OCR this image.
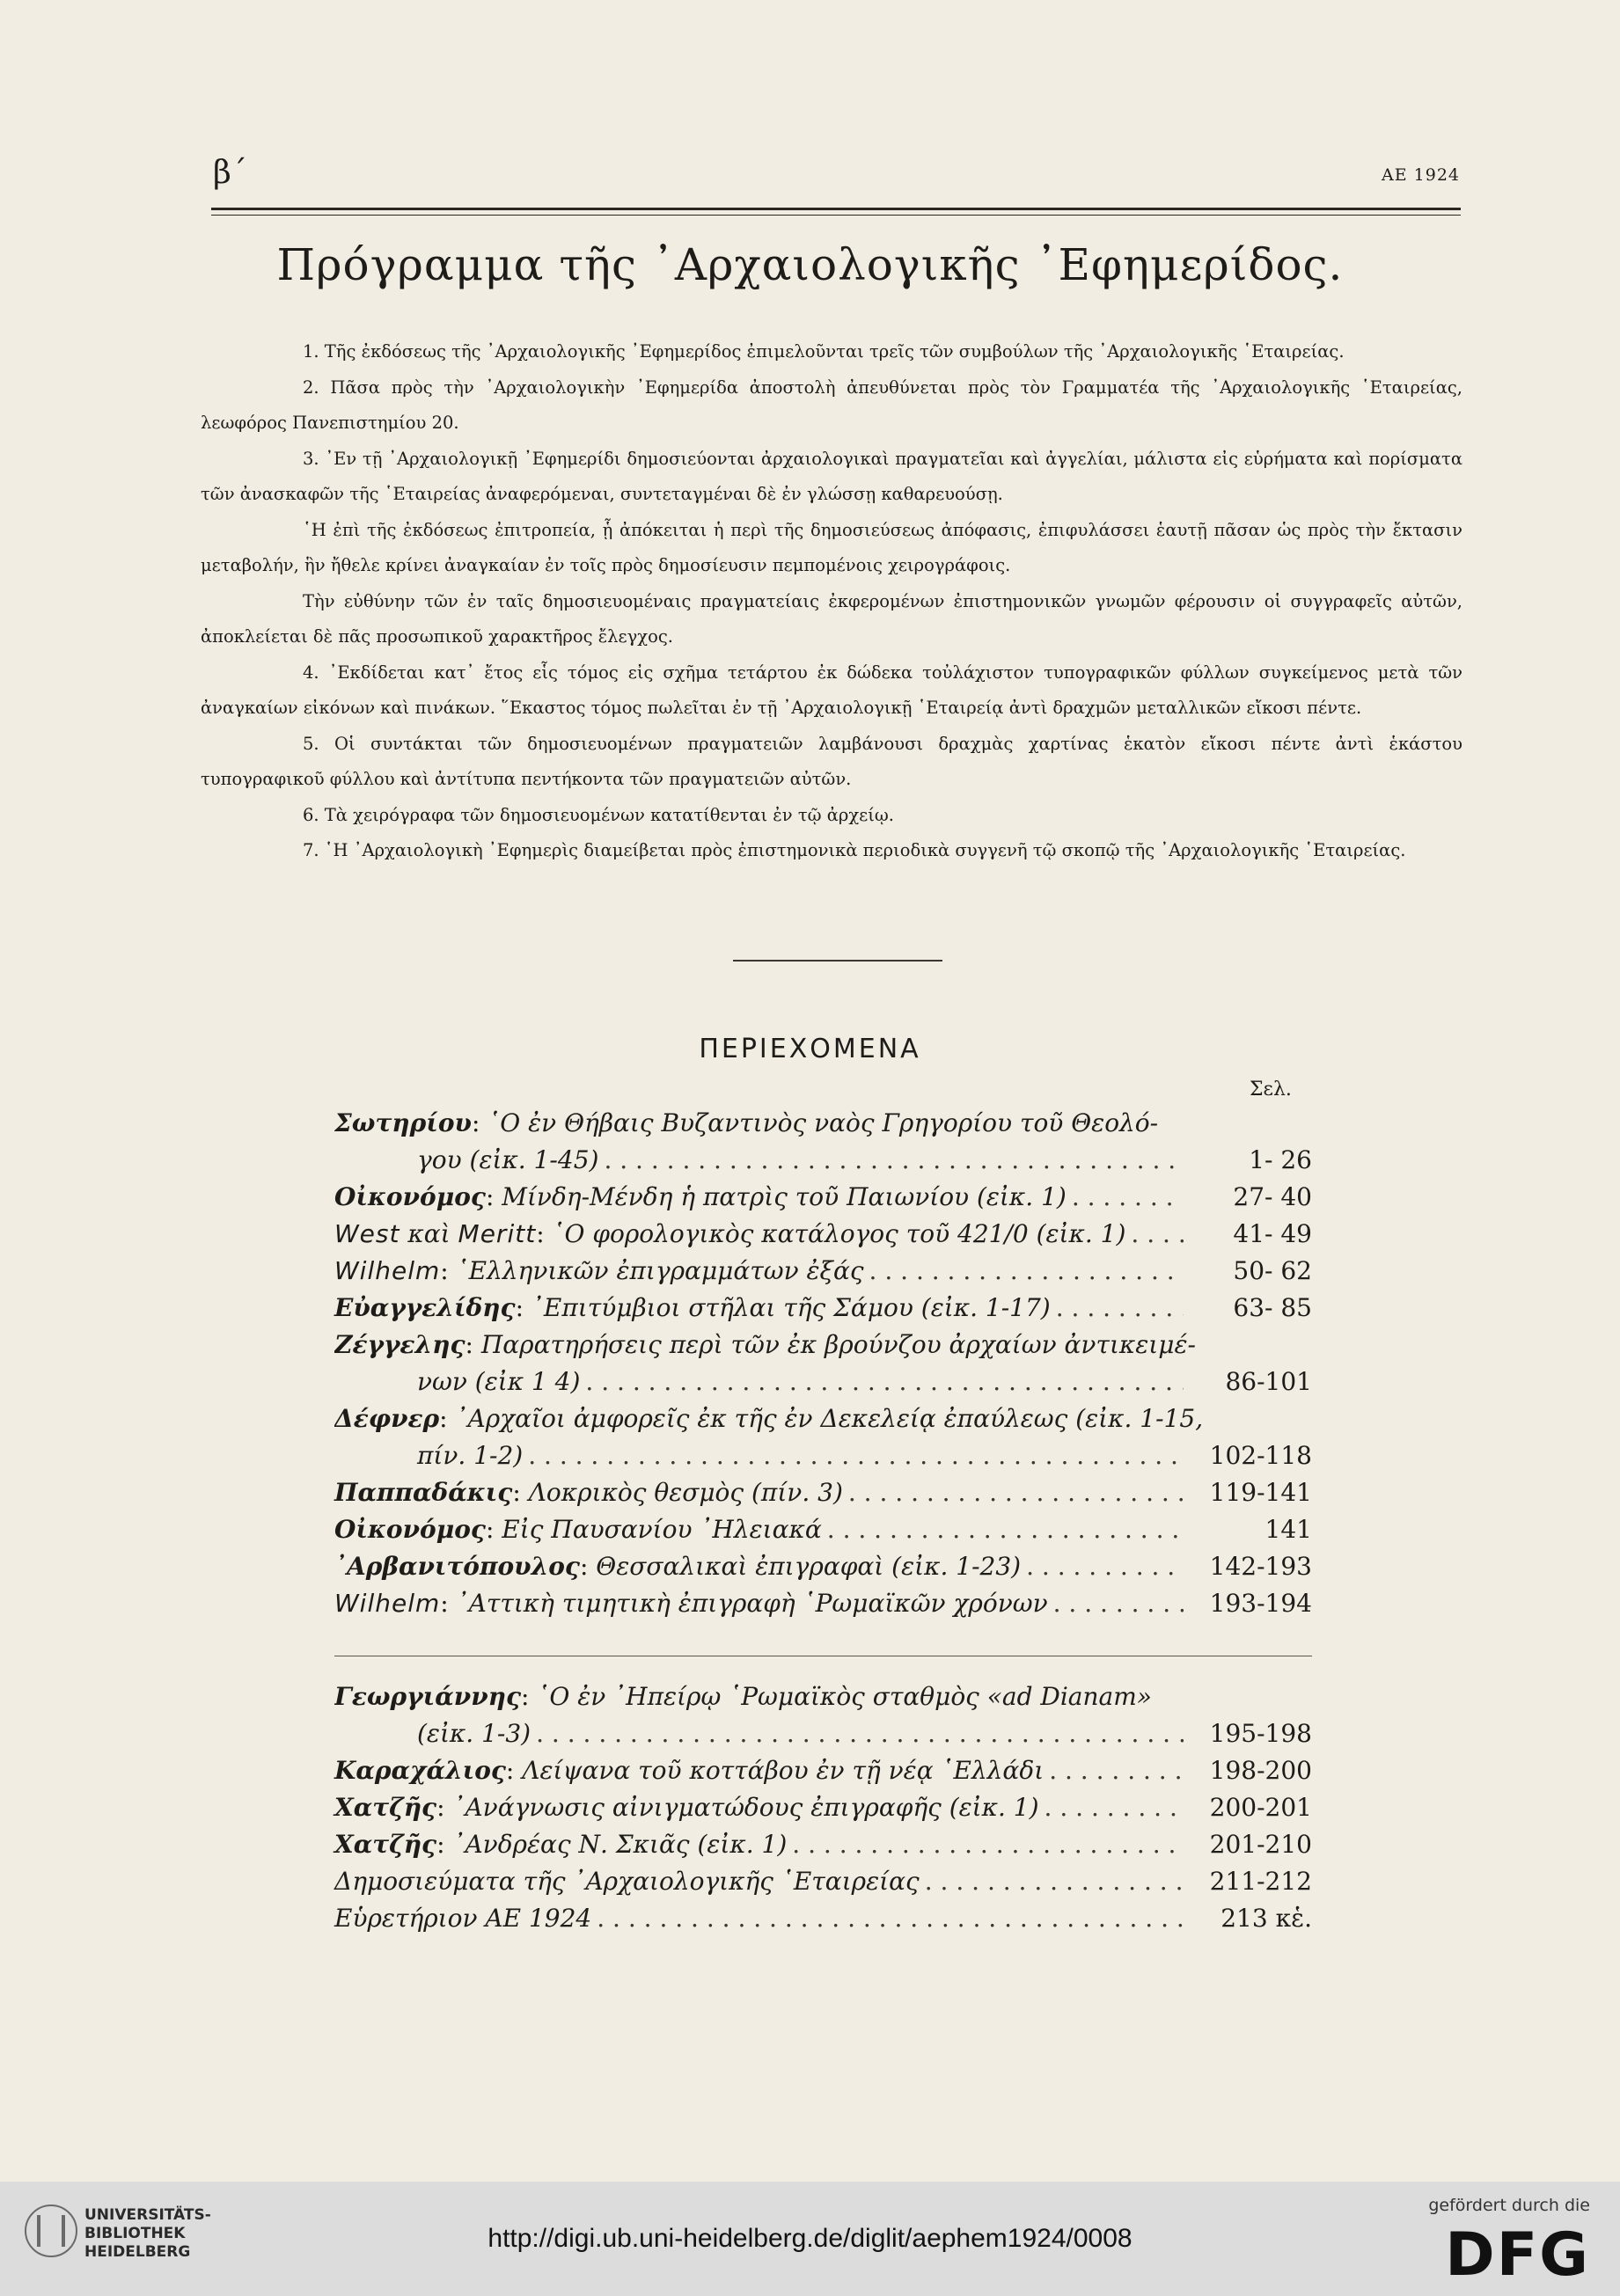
β΄	ΑΕ 1924
Πρόγραμμα τῆς ᾿Αρχαιολογικῆς ᾿Εφημερίδος.

1. Τῆς ἐκδόσεως τῆς ᾿Αρχαιολογικῆς ᾿Εφημερίδος ἐπιμελοῦνται τρεῖς τῶν συμβούλων τῆς ᾿Αρχαιολογικῆς ῾Εταιρείας.

2. Πᾶσα πρὸς τὴν ᾿Αρχαιολογικὴν ᾿Εφημερίδα ἀποστολὴ ἀπευθύνεται πρὸς τὸν Γραμματέα τῆς ᾿Αρχαιολογικῆς ῾Εταιρείας, λεωφόρος Πανεπιστημίου 20.

3. ᾿Εν τῇ ᾿Αρχαιολογικῇ ᾿Εφημερίδι δημοσιεύονται ἀρχαιολογικαὶ πραγματεῖαι καὶ ἀγγελίαι, μάλιστα εἰς εὑρήματα καὶ πορίσματα τῶν ἀνασκαφῶν τῆς ῾Εταιρείας ἀναφερόμεναι, συντεταγμέναι δὲ ἐν γλώσσῃ καθαρευούσῃ.

῾Η ἐπὶ τῆς ἐκδόσεως ἐπιτροπεία, ᾗ ἀπόκειται ἡ περὶ τῆς δημοσιεύσεως ἀπόφασις, ἐπιφυλάσσει ἑαυτῇ πᾶσαν ὡς πρὸς τὴν ἔκτασιν μεταβολήν, ἣν ἤθελε κρίνει ἀναγκαίαν ἐν τοῖς πρὸς δημοσίευσιν πεμπομένοις χειρογράφοις.

Τὴν εὐθύνην τῶν ἐν ταῖς δημοσιευομέναις πραγματείαις ἐκφερομένων ἐπιστημονικῶν γνωμῶν φέρουσιν οἱ συγγραφεῖς αὐτῶν, ἀποκλείεται δὲ πᾶς προσωπικοῦ χαρακτῆρος ἔλεγχος.

4. ᾿Εκδίδεται κατ᾿ ἔτος εἷς τόμος εἰς σχῆμα τετάρτου ἐκ δώδεκα τοὐλάχιστον τυπογραφικῶν φύλλων συγκείμενος μετὰ τῶν ἀναγκαίων εἰκόνων καὶ πινάκων. ῞Εκαστος τόμος πωλεῖται ἐν τῇ ᾿Αρχαιολογικῇ ῾Εταιρείᾳ ἀντὶ δραχμῶν μεταλλικῶν εἴκοσι πέντε.

5. Οἱ συντάκται τῶν δημοσιευομένων πραγματειῶν λαμβάνουσι δραχμὰς χαρτίνας ἑκατὸν εἴκοσι πέντε ἀντὶ ἑκάστου τυπογραφικοῦ φύλλου καὶ ἀντίτυπα πεντήκοντα τῶν πραγματειῶν αὐτῶν.

6. Τὰ χειρόγραφα τῶν δημοσιευομένων κατατίθενται ἐν τῷ ἀρχείῳ.

7. ῾Η ᾿Αρχαιολογικὴ ᾿Εφημερὶς διαμείβεται πρὸς ἐπιστημονικὰ περιοδικὰ συγγενῆ τῷ σκοπῷ τῆς ᾿Αρχαιολογικῆς ῾Εταιρείας.

ΠΕΡΙΕΧΟΜΕΝΑ
Σελ.
Σωτηρίου: ῾Ο ἐν Θήβαις Βυζαντινὸς ναὸς Γρηγορίου τοῦ Θεολό-
γου (εἰκ. 1-45) . . .	1- 26
Οἰκονόμος: Μίνδη-Μένδη ἡ πατρὶς τοῦ Παιωνίου (εἰκ. 1) . . .	27- 40
West καὶ Meritt: ῾Ο φορολογικὸς κατάλογος τοῦ 421/0 (εἰκ. 1) . . .	41- 49
Wilhelm: ῾Ελληνικῶν ἐπιγραμμάτων ἐξάς . . .	50- 62
Εὐαγγελίδης: ᾿Επιτύμβιοι στῆλαι τῆς Σάμου (εἰκ. 1-17) . . .	63- 85
Ζέγγελης: Παρατηρήσεις περὶ τῶν ἐκ βρούνζου ἀρχαίων ἀντικειμέ-
νων (εἰκ 1 4) . . .	86-101
Δέφνερ: ᾿Αρχαῖοι ἀμφορεῖς ἐκ τῆς ἐν Δεκελείᾳ ἐπαύλεως (εἰκ. 1-15,
πίν. 1-2) . . .	102-118
Παππαδάκις: Λοκρικὸς θεσμὸς (πίν. 3) . . .	119-141
Οἰκονόμος: Εἰς Παυσανίου ᾿Ηλειακά . . .	141
᾿Αρβανιτόπουλος: Θεσσαλικαὶ ἐπιγραφαὶ (εἰκ. 1-23) . . .	142-193
Wilhelm: ᾿Αττικὴ τιμητικὴ ἐπιγραφὴ ῾Ρωμαϊκῶν χρόνων . . .	193-194
Γεωργιάννης: ῾Ο ἐν ᾿Ηπείρῳ ῾Ρωμαϊκὸς σταθμὸς «ad Dianam»
(εἰκ. 1-3) . . .	195-198
Καραχάλιος: Λείψανα τοῦ κοττάβου ἐν τῇ νέᾳ ῾Ελλάδι . . .	198-200
Χατζῆς: ᾿Ανάγνωσις αἰνιγματώδους ἐπιγραφῆς (εἰκ. 1) . . .	200-201
Χατζῆς: ᾿Ανδρέας Ν. Σκιᾶς (εἰκ. 1) . . .	201-210
Δημοσιεύματα τῆς ᾿Αρχαιολογικῆς ῾Εταιρείας . . .	211-212
Εὑρετήριον ΑΕ 1924 . . .	213 κἑ.
UNIVERSITÄTS-
BIBLIOTHEK
HEIDELBERG	http://digi.ub.uni-heidelberg.de/diglit/aephem1924/0008
gefördert durch die
DFG
